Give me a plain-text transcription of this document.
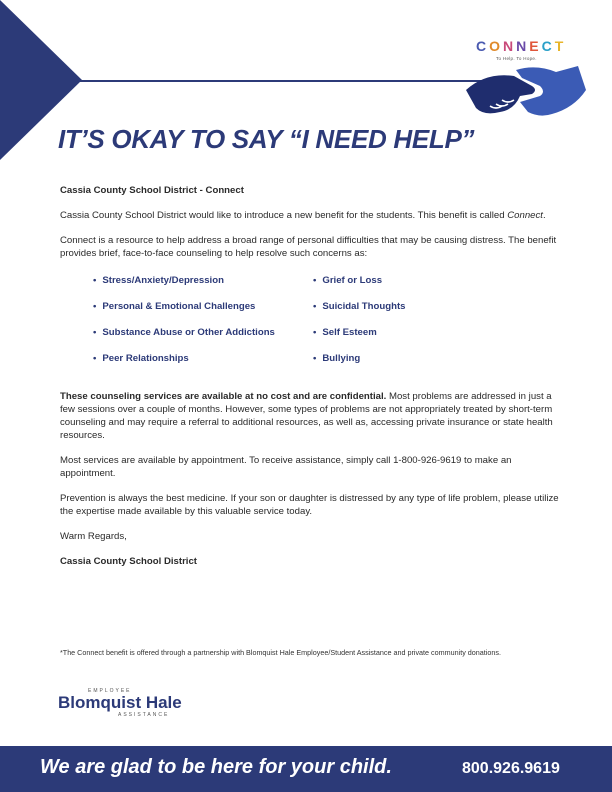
CONNECT
To Help. To Hope.
IT’S OKAY TO SAY “I NEED HELP”

Cassia County School District - Connect

Cassia County School District would like to introduce a new benefit for the students. This benefit is called Connect.

Connect is a resource to help address a broad range of personal difficulties that may be causing distress. The benefit provides brief, face-to-face counseling to help resolve such concerns as:

• Stress/Anxiety/Depression	• Grief or Loss
• Personal & Emotional Challenges	• Suicidal Thoughts
• Substance Abuse or Other Addictions	• Self Esteem
• Peer Relationships	• Bullying

These counseling services are available at no cost and are confidential. Most problems are addressed in just a few sessions over a couple of months. However, some types of problems are not appropriately treated by short-term counseling and may require a referral to additional resources, as well as, accessing private insurance or state health resources.

Most services are available by appointment. To receive assistance, simply call 1-800-926-9619 to make an appointment.

Prevention is always the best medicine. If your son or daughter is distressed by any type of life problem, please utilize the expertise made available by this valuable service today.

Warm Regards,

Cassia County School District

*The Connect benefit is offered through a partnership with Blomquist Hale Employee/Student Assistance and private community donations.
EMPLOYEE
Blomquist Hale
ASSISTANCE
We are glad to be here for your child.	800.926.9619
